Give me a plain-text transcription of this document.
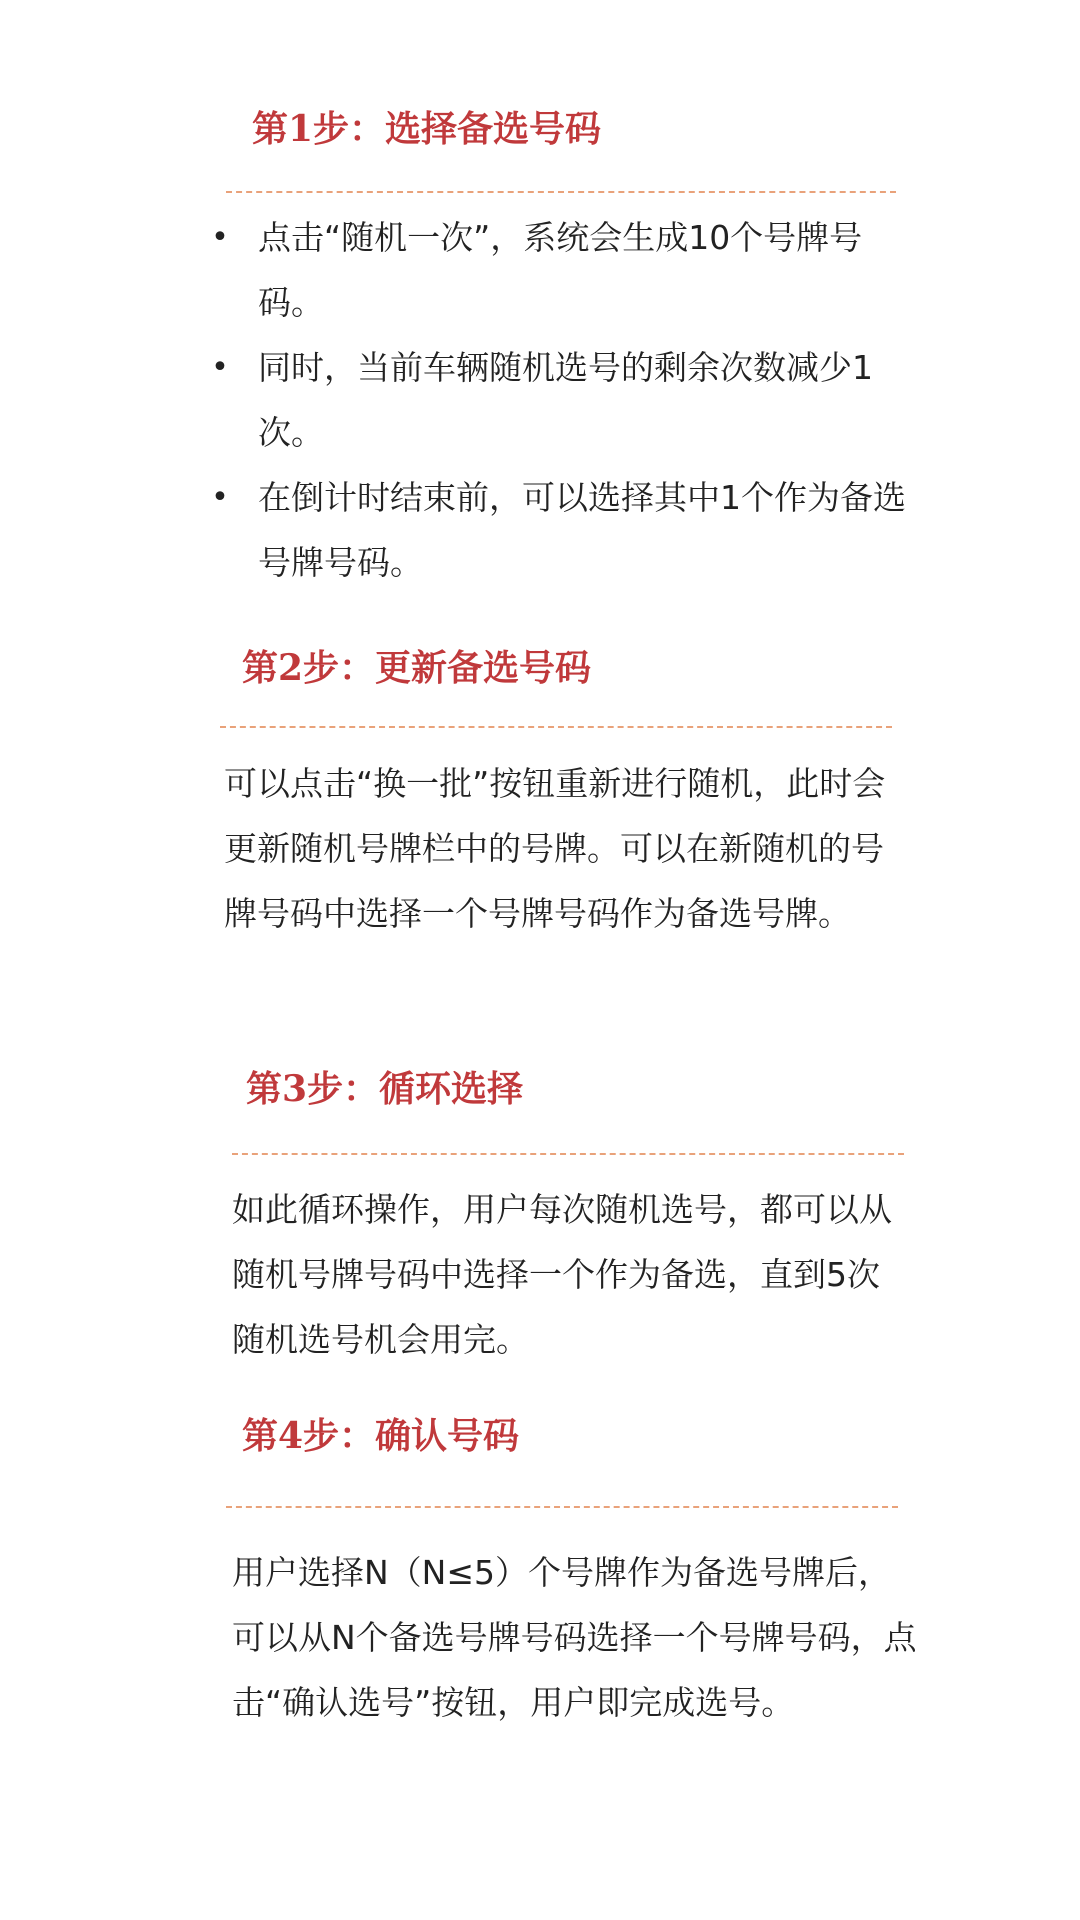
第1步：选择备选号码
• 点击“随机一次”，系统会生成10个号牌号码。
• 同时，当前车辆随机选号的剩余次数减少1次。
• 在倒计时结束前，可以选择其中1个作为备选号牌号码。
第2步：更新备选号码

可以点击“换一批”按钮重新进行随机，此时会更新随机号牌栏中的号牌。可以在新随机的号牌号码中选择一个号牌号码作为备选号牌。

第3步：循环选择

如此循环操作，用户每次随机选号，都可以从随机号牌号码中选择一个作为备选，直到5次随机选号机会用完。

第4步：确认号码

用户选择N（N≤5）个号牌作为备选号牌后，可以从N个备选号牌号码选择一个号牌号码，点击“确认选号”按钮，用户即完成选号。
